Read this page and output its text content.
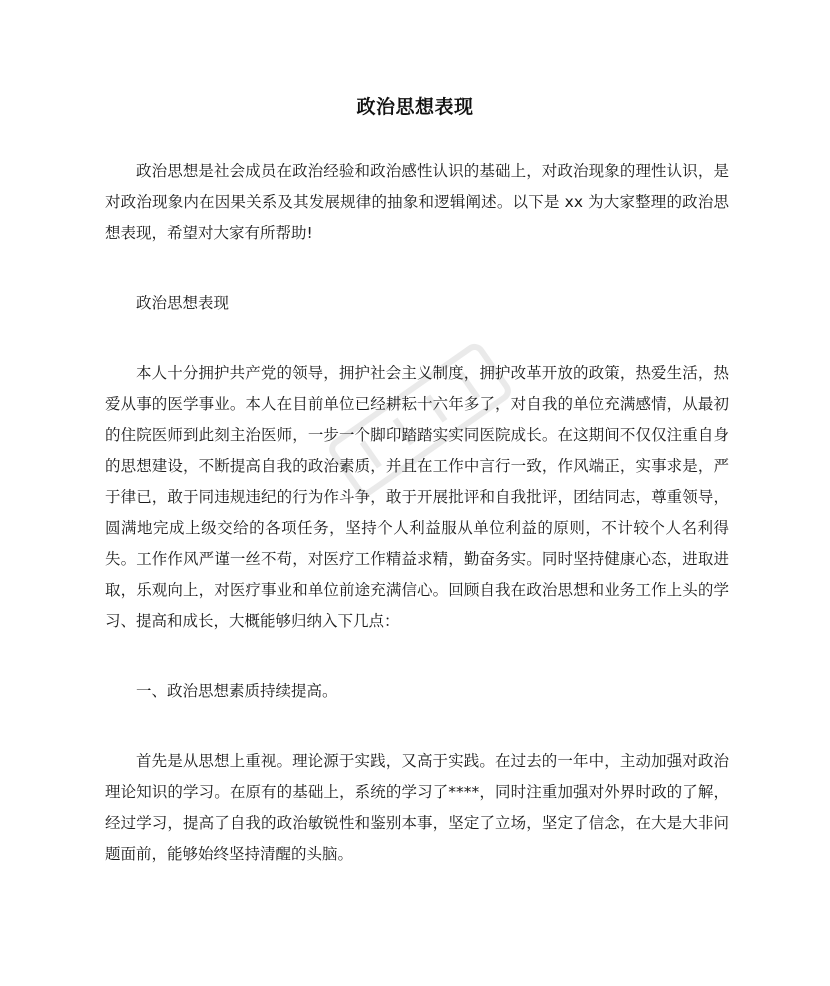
政治思想表现

政治思想是社会成员在政治经验和政治感性认识的基础上，对政治现象的理性认识，是对政治现象内在因果关系及其发展规律的抽象和逻辑阐述。以下是 xx 为大家整理的政治思想表现，希望对大家有所帮助!

政治思想表现

本人十分拥护共产党的领导，拥护社会主义制度，拥护改革开放的政策，热爱生活，热爱从事的医学事业。本人在目前单位已经耕耘十六年多了，对自我的单位充满感情，从最初的住院医师到此刻主治医师，一步一个脚印踏踏实实同医院成长。在这期间不仅仅注重自身的思想建设，不断提高自我的政治素质，并且在工作中言行一致，作风端正，实事求是，严于律已，敢于同违规违纪的行为作斗争，敢于开展批评和自我批评，团结同志，尊重领导，圆满地完成上级交给的各项任务，坚持个人利益服从单位利益的原则，不计较个人名利得失。工作作风严谨一丝不苟，对医疗工作精益求精，勤奋务实。同时坚持健康心态，进取进取，乐观向上，对医疗事业和单位前途充满信心。回顾自我在政治思想和业务工作上头的学习、提高和成长，大概能够归纳入下几点：

一、政治思想素质持续提高。

首先是从思想上重视。理论源于实践，又高于实践。在过去的一年中，主动加强对政治理论知识的学习。在原有的基础上，系统的学习了****，同时注重加强对外界时政的了解，经过学习，提高了自我的政治敏锐性和鉴别本事，坚定了立场，坚定了信念，在大是大非问题面前，能够始终坚持清醒的头脑。
